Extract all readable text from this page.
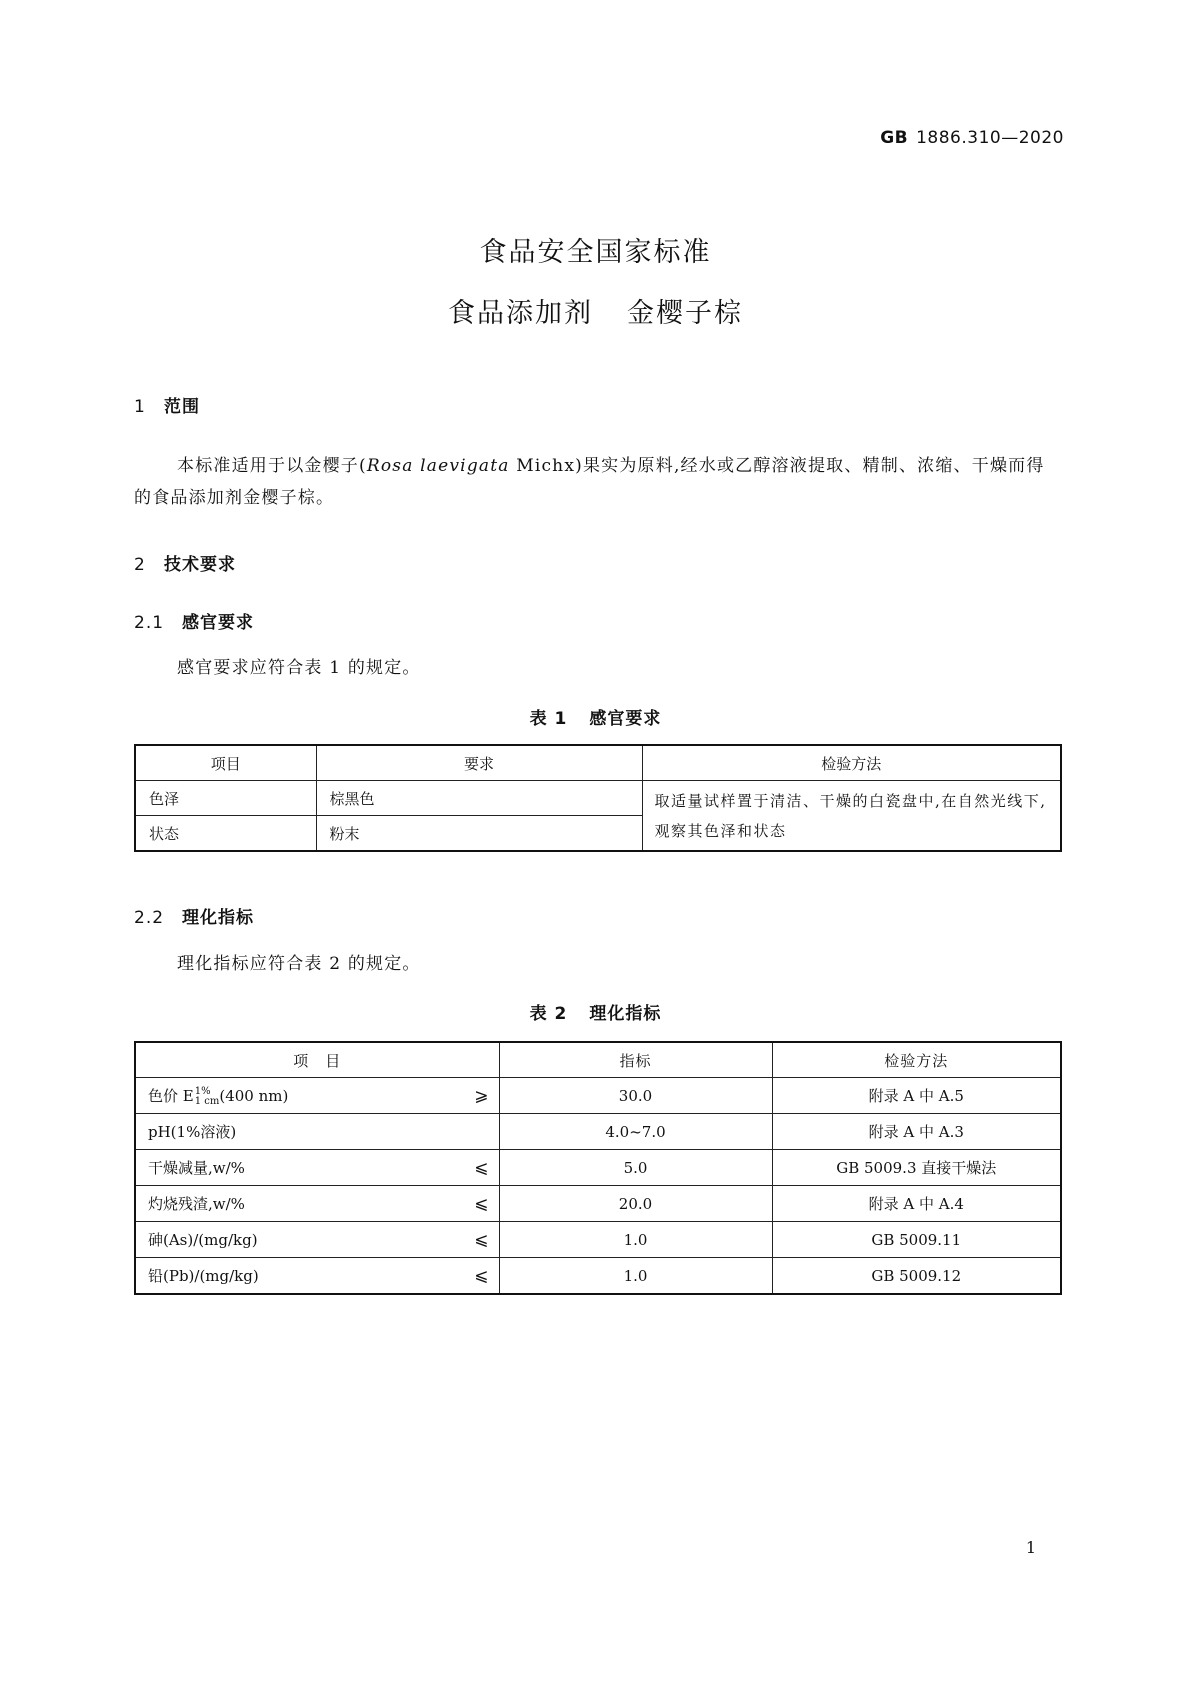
GB 1886.310—2020
食品安全国家标准
食品添加剂 金樱子棕
1 范围
本标准适用于以金樱子(Rosa laevigata Michx)果实为原料,经水或乙醇溶液提取、精制、浓缩、干燥而得的食品添加剂金樱子棕。
2 技术要求
2.1 感官要求
感官要求应符合表 1 的规定。
表 1 感官要求
项目	要求	检验方法
色泽	棕黑色	取适量试样置于清洁、干燥的白瓷盘中,在自然光线下,观察其色泽和状态
状态	粉末	
2.2 理化指标
理化指标应符合表 2 的规定。
表 2 理化指标
项　目		指标	检验方法
色价 E 1%
1 cm (400 nm)	⩾	30.0	附录 A 中 A.5
pH(1%溶液)		4.0~7.0	附录 A 中 A.3
干燥减量,w/%	⩽	5.0	GB 5009.3 直接干燥法
灼烧残渣,w/%	⩽	20.0	附录 A 中 A.4
砷(As)/(mg/kg)	⩽	1.0	GB 5009.11
铅(Pb)/(mg/kg)	⩽	1.0	GB 5009.12
1
